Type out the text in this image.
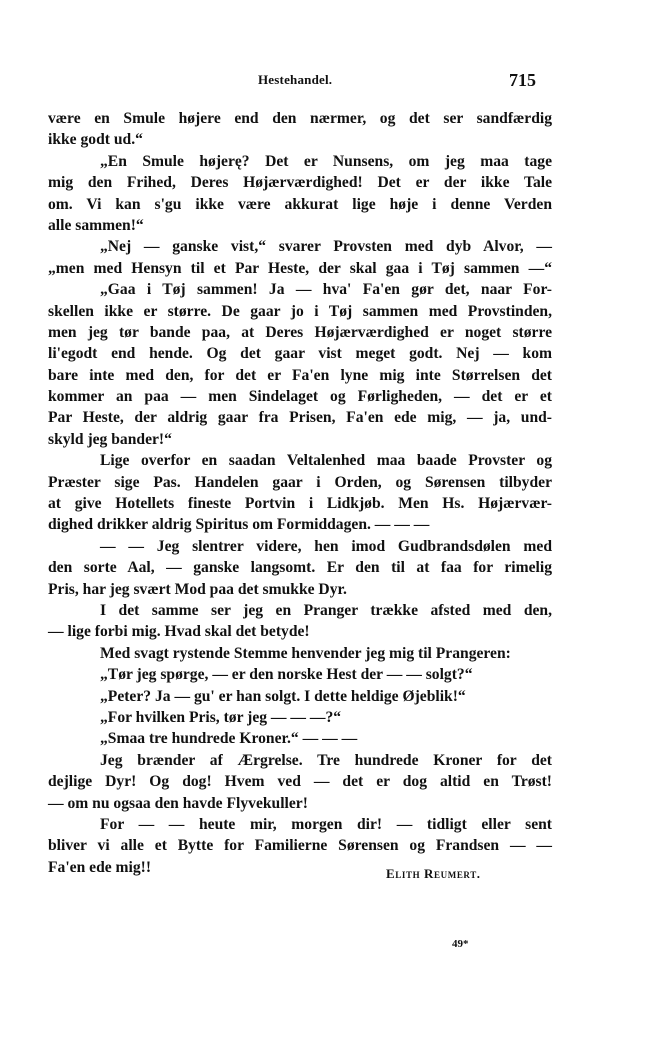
Hestehandel.	715
være en Smule højere end den nærmer, og det ser sandfærdig
ikke godt ud.“
„En Smule højerę? Det er Nunsens, om jeg maa tage
mig den Frihed, Deres Højærværdighed! Det er der ikke Tale
om. Vi kan s'gu ikke være akkurat lige høje i denne Verden
alle sammen!“
„Nej — ganske vist,“ svarer Provsten med dyb Alvor, —
„men med Hensyn til et Par Heste, der skal gaa i Tøj sammen —“
„Gaa i Tøj sammen! Ja — hva' Fa'en gør det, naar For-
skellen ikke er større. De gaar jo i Tøj sammen med Provstinden,
men jeg tør bande paa, at Deres Højærværdighed er noget større
li'egodt end hende. Og det gaar vist meget godt. Nej — kom
bare inte med den, for det er Fa'en lyne mig inte Størrelsen det
kommer an paa — men Sindelaget og Førligheden, — det er et
Par Heste, der aldrig gaar fra Prisen, Fa'en ede mig, — ja, und-
skyld jeg bander!“
Lige overfor en saadan Veltalenhed maa baade Provster og
Præster sige Pas. Handelen gaar i Orden, og Sørensen tilbyder
at give Hotellets fineste Portvin i Lidkjøb. Men Hs. Højærvær-
dighed drikker aldrig Spiritus om Formiddagen. — — —
— — Jeg slentrer videre, hen imod Gudbrandsdølen med
den sorte Aal, — ganske langsomt. Er den til at faa for rimelig
Pris, har jeg svært Mod paa det smukke Dyr.
I det samme ser jeg en Pranger trække afsted med den,
— lige forbi mig. Hvad skal det betyde!
Med svagt rystende Stemme henvender jeg mig til Prangeren:
„Tør jeg spørge, — er den norske Hest der — — solgt?“
„Peter? Ja — gu' er han solgt. I dette heldige Øjeblik!“
„For hvilken Pris, tør jeg — — —?“
„Smaa tre hundrede Kroner.“ — — —
Jeg brænder af Ærgrelse. Tre hundrede Kroner for det
dejlige Dyr! Og dog! Hvem ved — det er dog altid en Trøst!
— om nu ogsaa den havde Flyvekuller!
For — — heute mir, morgen dir! — tidligt eller sent
bliver vi alle et Bytte for Familierne Sørensen og Frandsen — —
Fa'en ede mig!!	Elith Reumert.
49*
